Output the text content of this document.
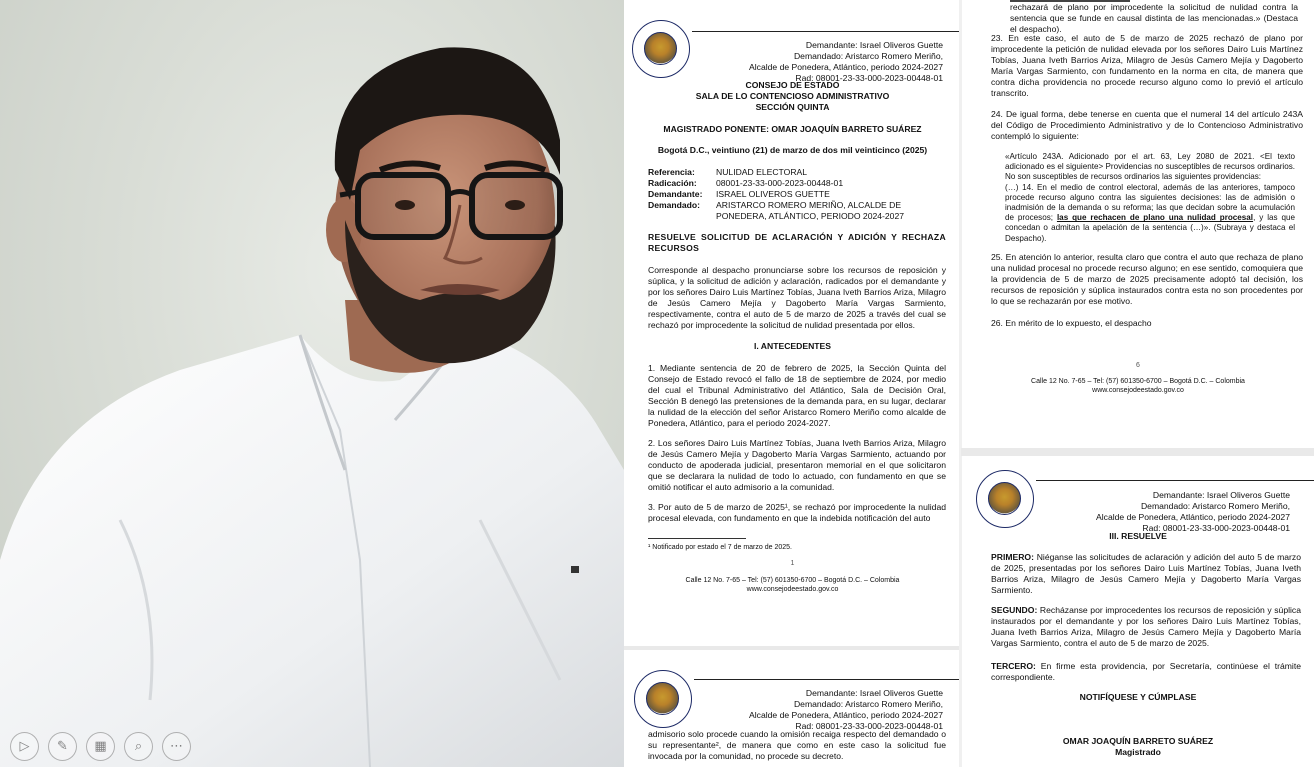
▷	✎	▦	⌕	⋯
Demandante: Israel Oliveros Guette
Demandado: Aristarco Romero Meriño,
Alcalde de Ponedera, Atlántico, periodo 2024-2027
Rad: 08001-23-33-000-2023-00448-01
CONSEJO DE ESTADO
SALA DE LO CONTENCIOSO ADMINISTRATIVO
SECCIÓN QUINTA
MAGISTRADO PONENTE: OMAR JOAQUÍN BARRETO SUÁREZ
Bogotá D.C., veintiuno (21) de marzo de dos mil veinticinco (2025)
Referencia:	NULIDAD ELECTORAL
Radicación:	08001-23-33-000-2023-00448-01
Demandante:	ISRAEL OLIVEROS GUETTE
Demandado:	ARISTARCO ROMERO MERIÑO, ALCALDE DE PONEDERA, ATLÁNTICO, PERIODO 2024-2027
RESUELVE SOLICITUD DE ACLARACIÓN Y ADICIÓN Y RECHAZA RECURSOS

Corresponde al despacho pronunciarse sobre los recursos de reposición y súplica, y la solicitud de adición y aclaración, radicados por el demandante y por los señores Dairo Luis Martínez Tobías, Juana Iveth Barrios Ariza, Milagro de Jesús Camero Mejía y Dagoberto María Vargas Sarmiento, respectivamente, contra el auto de 5 de marzo de 2025 a través del cual se rechazó por improcedente la solicitud de nulidad presentada por ellos.

I. ANTECEDENTES

1. Mediante sentencia de 20 de febrero de 2025, la Sección Quinta del Consejo de Estado revocó el fallo de 18 de septiembre de 2024, por medio del cual el Tribunal Administrativo del Atlántico, Sala de Decisión Oral, Sección B denegó las pretensiones de la demanda para, en su lugar, declarar la nulidad de la elección del señor Aristarco Romero Meriño como alcalde de Ponedera, Atlántico, para el periodo 2024-2027.

2. Los señores Dairo Luis Martínez Tobías, Juana Iveth Barrios Ariza, Milagro de Jesús Camero Mejía y Dagoberto María Vargas Sarmiento, actuando por conducto de apoderada judicial, presentaron memorial en el que solicitaron que se declarara la nulidad de todo lo actuado, con fundamento en que se omitió notificar el auto admisorio a la comunidad.

3. Por auto de 5 de marzo de 2025¹, se rechazó por improcedente la nulidad procesal elevada, con fundamento en que la indebida notificación del auto

¹ Notificado por estado el 7 de marzo de 2025.
1
Calle 12 No. 7-65 – Tel: (57) 601350-6700 – Bogotá D.C. – Colombia
www.consejodeestado.gov.co
Demandante: Israel Oliveros Guette
Demandado: Aristarco Romero Meriño,
Alcalde de Ponedera, Atlántico, periodo 2024-2027
Rad: 08001-23-33-000-2023-00448-01

admisorio solo procede cuando la omisión recaiga respecto del demandado o su representante², de manera que como en este caso la solicitud fue invocada por la comunidad, no procede su decreto.

rechazará de plano por improcedente la solicitud de nulidad contra la sentencia que se funde en causal distinta de las mencionadas.» (Destaca el despacho).

23. En este caso, el auto de 5 de marzo de 2025 rechazó de plano por improcedente la petición de nulidad elevada por los señores Dairo Luis Martínez Tobías, Juana Iveth Barrios Ariza, Milagro de Jesús Camero Mejía y Dagoberto María Vargas Sarmiento, con fundamento en la norma en cita, de manera que contra dicha providencia no procede recurso alguno como lo previó el artículo transcrito.

24. De igual forma, debe tenerse en cuenta que el numeral 14 del artículo 243A del Código de Procedimiento Administrativo y de lo Contencioso Administrativo contempló lo siguiente:

«Artículo 243A. Adicionado por el art. 63, Ley 2080 de 2021. <El texto adicionado es el siguiente> Providencias no susceptibles de recursos ordinarios. No son susceptibles de recursos ordinarios las siguientes providencias:

(…) 14. En el medio de control electoral, además de las anteriores, tampoco procede recurso alguno contra las siguientes decisiones: las de admisión o inadmisión de la demanda o su reforma; las que decidan sobre la acumulación de procesos; las que rechacen de plano una nulidad procesal, y las que concedan o admitan la apelación de la sentencia (…)». (Subraya y destaca el Despacho).

25. En atención lo anterior, resulta claro que contra el auto que rechaza de plano una nulidad procesal no procede recurso alguno; en ese sentido, comoquiera que la providencia de 5 de marzo de 2025 precisamente adoptó tal decisión, los recursos de reposición y súplica instaurados contra esta no son procedentes por lo que se rechazarán por ese motivo.

26. En mérito de lo expuesto, el despacho

6
Calle 12 No. 7-65 – Tel: (57) 601350-6700 – Bogotá D.C. – Colombia
www.consejodeestado.gov.co
Demandante: Israel Oliveros Guette
Demandado: Aristarco Romero Meriño,
Alcalde de Ponedera, Atlántico, periodo 2024-2027
Rad: 08001-23-33-000-2023-00448-01
III. RESUELVE

PRIMERO: Niéganse las solicitudes de aclaración y adición del auto 5 de marzo de 2025, presentadas por los señores Dairo Luis Martínez Tobías, Juana Iveth Barrios Ariza, Milagro de Jesús Camero Mejía y Dagoberto María Vargas Sarmiento.

SEGUNDO: Recházanse por improcedentes los recursos de reposición y súplica instaurados por el demandante y por los señores Dairo Luis Martínez Tobías, Juana Iveth Barrios Ariza, Milagro de Jesús Camero Mejía y Dagoberto María Vargas Sarmiento, contra el auto de 5 de marzo de 2025.

TERCERO: En firme esta providencia, por Secretaría, continúese el trámite correspondiente.

NOTIFÍQUESE Y CÚMPLASE
OMAR JOAQUÍN BARRETO SUÁREZ
Magistrado
